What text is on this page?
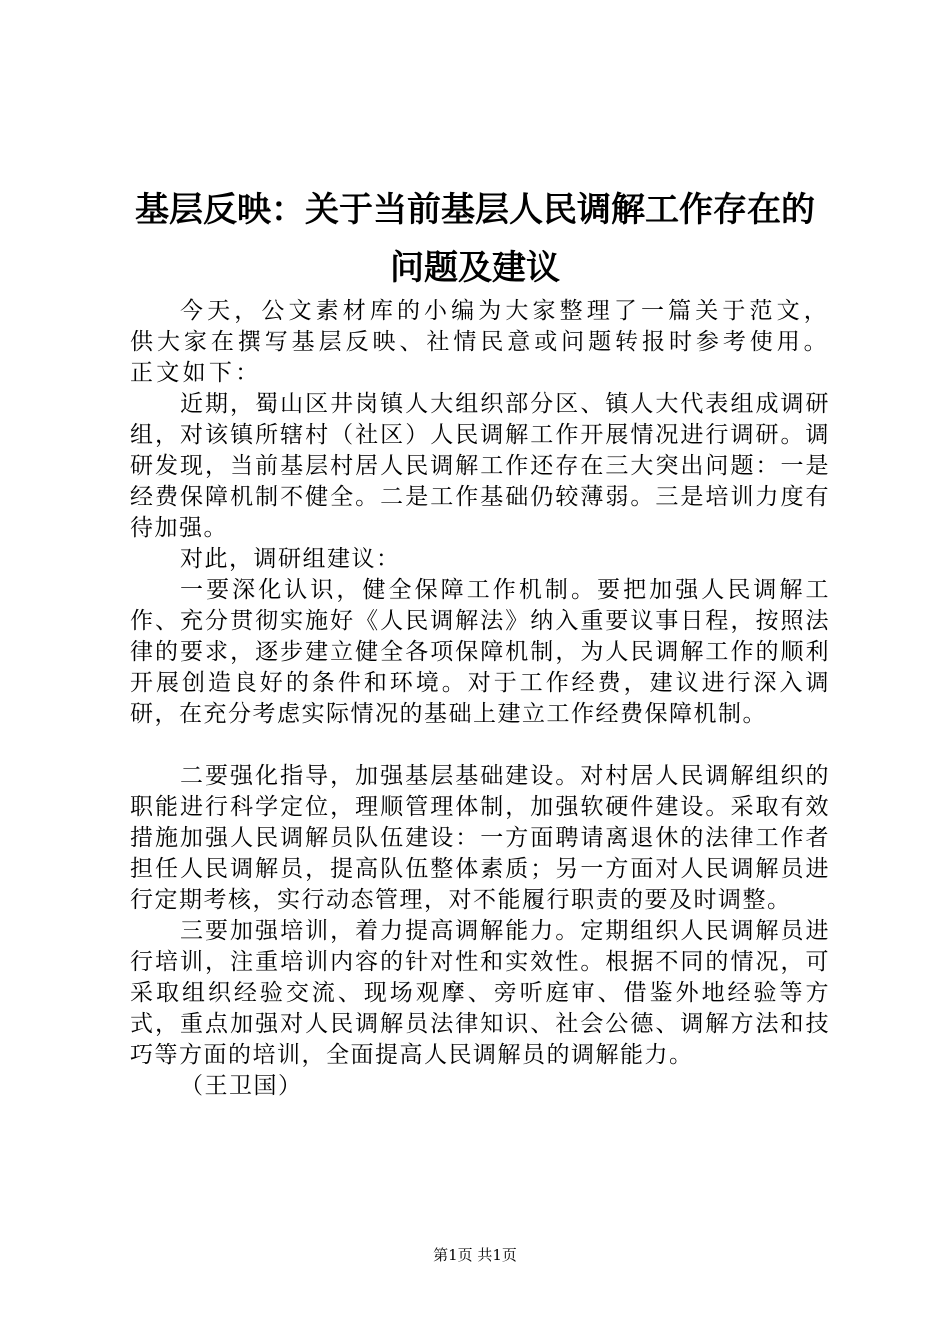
基层反映：关于当前基层人民调解工作存在的
问题及建议

今天，公文素材库的小编为大家整理了一篇关于范文，供大家在撰写基层反映、社情民意或问题转报时参考使用。正文如下：

近期，蜀山区井岗镇人大组织部分区、镇人大代表组成调研组，对该镇所辖村（社区）人民调解工作开展情况进行调研。调研发现，当前基层村居人民调解工作还存在三大突出问题：一是经费保障机制不健全。二是工作基础仍较薄弱。三是培训力度有待加强。

对此，调研组建议：

一要深化认识，健全保障工作机制。要把加强人民调解工作、充分贯彻实施好《人民调解法》纳入重要议事日程，按照法律的要求，逐步建立健全各项保障机制，为人民调解工作的顺利开展创造良好的条件和环境。对于工作经费，建议进行深入调研，在充分考虑实际情况的基础上建立工作经费保障机制。

二要强化指导，加强基层基础建设。对村居人民调解组织的职能进行科学定位，理顺管理体制，加强软硬件建设。采取有效措施加强人民调解员队伍建设：一方面聘请离退休的法律工作者担任人民调解员，提高队伍整体素质；另一方面对人民调解员进行定期考核，实行动态管理，对不能履行职责的要及时调整。

三要加强培训，着力提高调解能力。定期组织人民调解员进行培训，注重培训内容的针对性和实效性。根据不同的情况，可采取组织经验交流、现场观摩、旁听庭审、借鉴外地经验等方式，重点加强对人民调解员法律知识、社会公德、调解方法和技巧等方面的培训，全面提高人民调解员的调解能力。

（王卫国）

第1页 共1页
